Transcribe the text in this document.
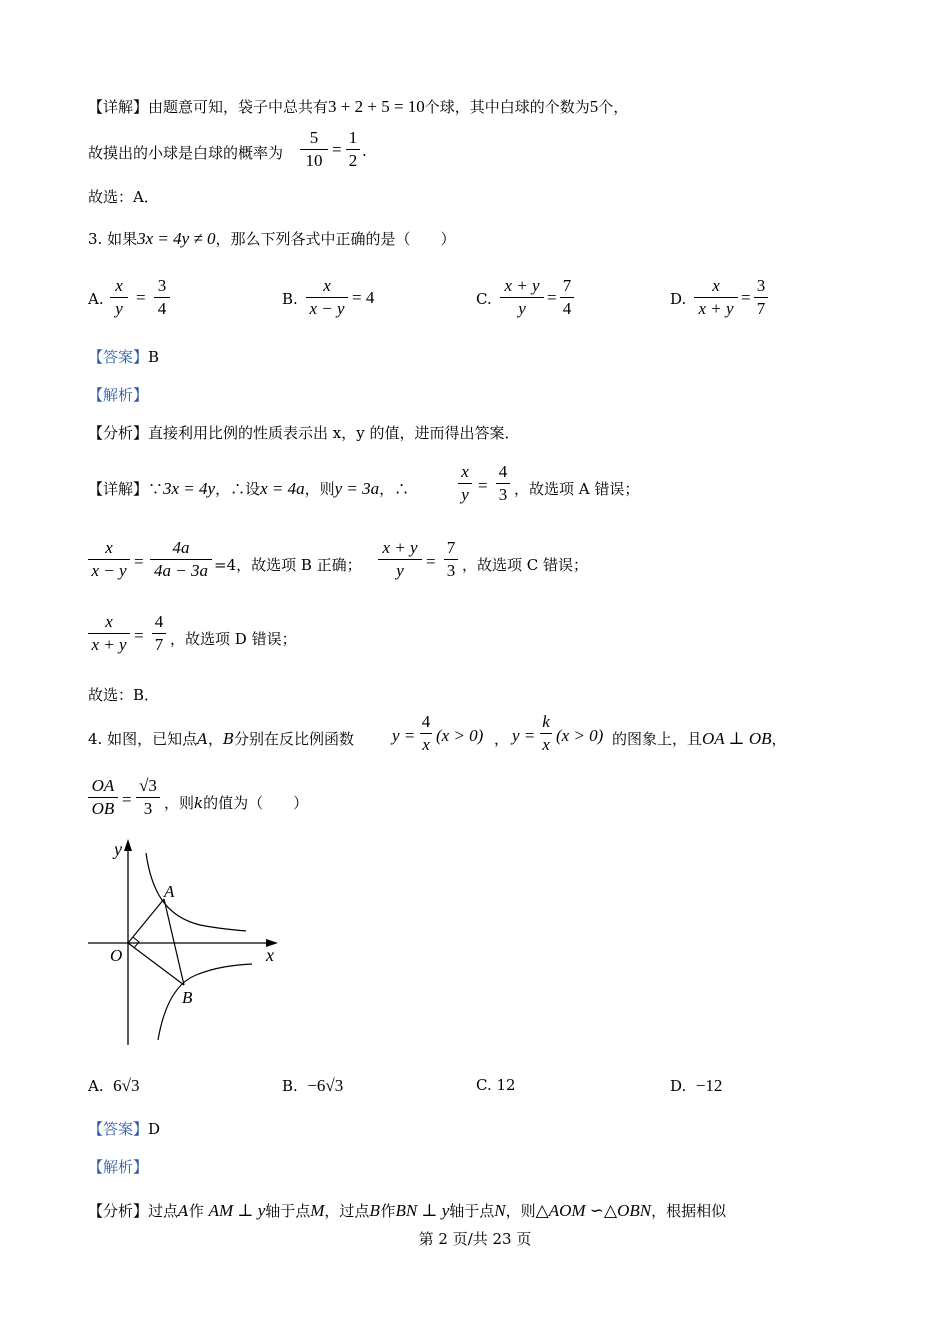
【详解】由题意可知，袋子中总共有3 + 2 + 5 = 10个球，其中白球的个数为5个，
故摸出的小球是白球的概率为
5
10
=
1
2 .
故选：A．
3. 如果3x = 4y ≠ 0，那么下列各式中正确的是（　　）
A.
x
y
=
3
4	B.
x
x − y
= 4	C.
x + y
y
=
7
4	D.
x
x + y
=
3
7
【答案】B
【解析】
【分析】直接利用比例的性质表示出 x，y 的值，进而得出答案．
【详解】∵3x = 4y，∴设x = 4a，则y = 3a，∴
x
y =
4
3 ，故选项 A 错误；
x
x − y =
4a
4a − 3a =4，故选项 B 正确；
x + y
y	=
7
3 ，故选项 C 错误；
x
x + y =
4
7 ，故选项 D 错误；
故选：B．
4. 如图，已知点A，B分别在反比例函数 y =
4
x (x > 0) ， y =
k
x (x > 0) 的图象上，且OA ⊥ OB，
OA
OB =
√3
3 ，则k的值为（　　）
y
x
O
A
B
A. 6√3	B. −6√3	C. 12	D. −12
【答案】D
【解析】
【分析】过点A作 AM ⊥ y轴于点M，过点B作BN ⊥ y轴于点N，则△AOM ∽△OBN，根据相似
第 2 页/共 23 页
